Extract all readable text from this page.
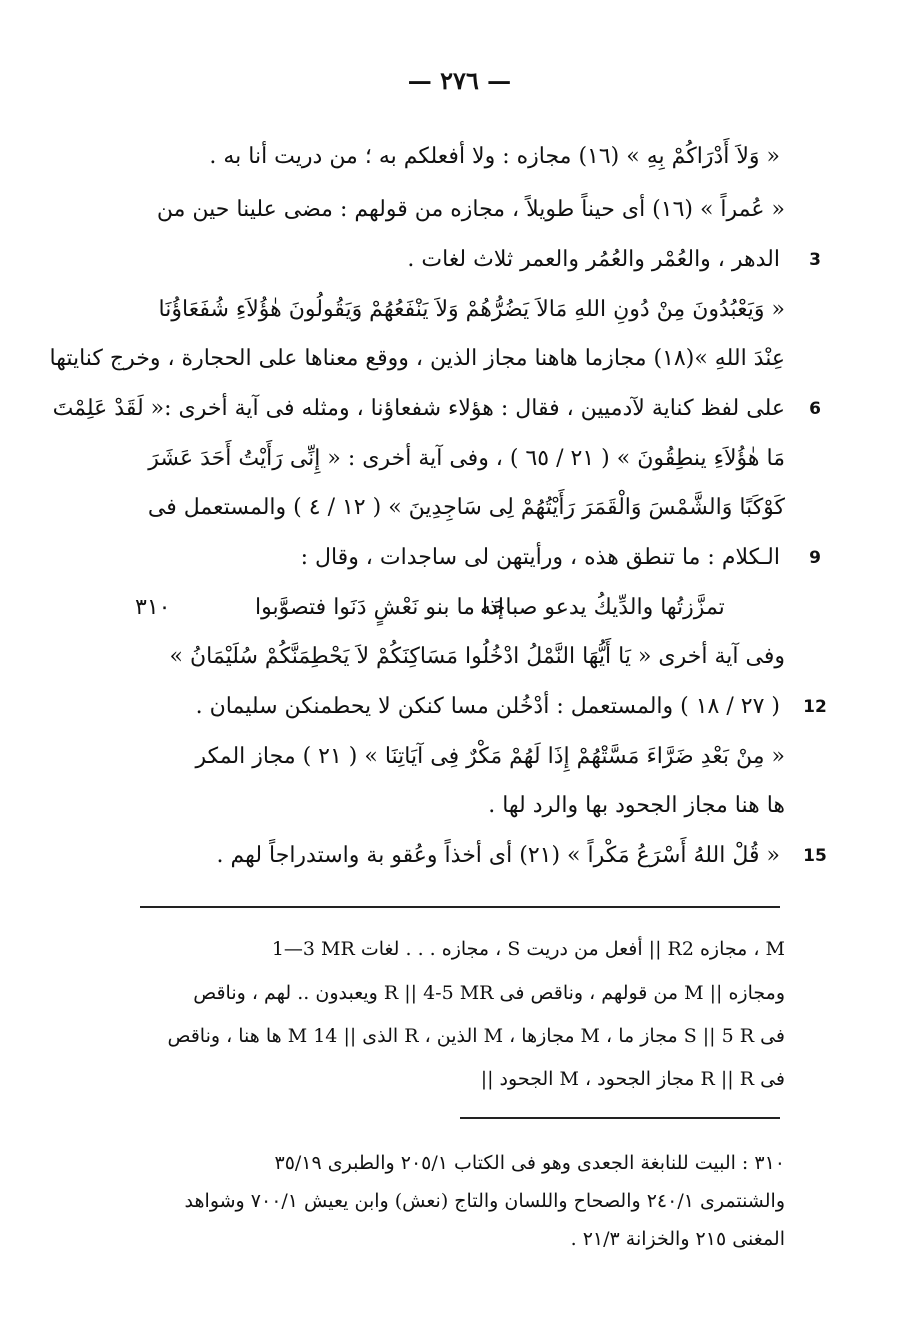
— ٢٧٦ —
« وَلاَ أَدْرَاكُمْ بِهِ » (١٦) مجازه : ولا أفعلكم به ؛ من دريت أنا به .
« عُمراً » (١٦) أى حيناً طويلاً ، مجازه من قولهم : مضى علينا حين من
3
الدهر ، والعُمْر والعُمُر والعمر ثلاث لغات .
« وَيَعْبُدُونَ مِنْ دُونِ اللهِ مَالاَ يَضُرُّهُمْ وَلاَ يَنْفَعُهُمْ وَيَقُولُونَ هٰؤُلاَءِ شُفَعَاؤُنَا
عِنْدَ اللهِ »(١٨) مجازما هاهنا مجاز الذين ، ووقع معناها على الحجارة ، وخرج كنايتها
6
على لفظ كناية لآدميين ، فقال : هؤلاء شفعاؤنا ، ومثله فى آية أخرى :« لَقَدْ عَلِمْتَ
مَا هٰؤُلاَءِ ينطِقُونَ » ( ٢١ / ٦٥ ) ، وفى آية أخرى : « إِنِّى رَأَيْتُ أَحَدَ عَشَرَ
كَوْكَبًا وَالشَّمْسَ وَالْقَمَرَ رَأَيْتُهُمْ لِى سَاجِدِينَ » ( ١٢ / ٤ ) والمستعمل فى
9
الـكلام : ما تنطق هذه ، ورأيتهن لى ساجدات ، وقال :
٣١٠	إذا ما بنو نَعْشٍ دَنَوا فتصوَّبوا
تمزَّزتُها والدِّيكُ يدعو صباحَه
وفى آية أخرى « يَا أَيُّهَا النَّمْلُ ادْخُلُوا مَسَاكِنَكُمْ لاَ يَحْطِمَنَّكُمْ سُلَيْمَانُ »
12
( ٢٧ / ١٨ ) والمستعمل : أدْخُلن مسا كنكن لا يحطمنكن سليمان .
« مِنْ بَعْدِ ضَرَّاءَ مَسَّتْهُمْ إِذَا لَهُمْ مَكْرٌ فِى آيَاتِنَا » ( ٢١ ) مجاز المكر
ها هنا مجاز الجحود بها والرد لها .
15
« قُلْ اللهُ أَسْرَعُ مَكْراً » (٢١) أى أخذاً وعُقو بة واستدراجاً لهم .
1—3 MR مجازه . . . لغات ، S أفعل من دريت || R2 مجازه ، M
ومجازه || M من قولهم ، وناقص فى R || 4-5 MR ويعبدون .. لهم ، وناقص
فى S || 5 R مجاز ما ، M مجازها ، M الذين ، R الذى || 14 M ها هنا ، وناقص
فى R || R مجاز الجحود ، M الجحود ||
٣١٠ : البيت للنابغة الجعدى وهو فى الكتاب ٢٠٥/١ والطبرى ٣٥/١٩
والشنتمرى ٢٤٠/١ والصحاح واللسان والتاج (نعش) وابن يعيش ٧٠٠/١ وشواهد
المغنى ٢١٥ والخزانة ٢١/٣ .
